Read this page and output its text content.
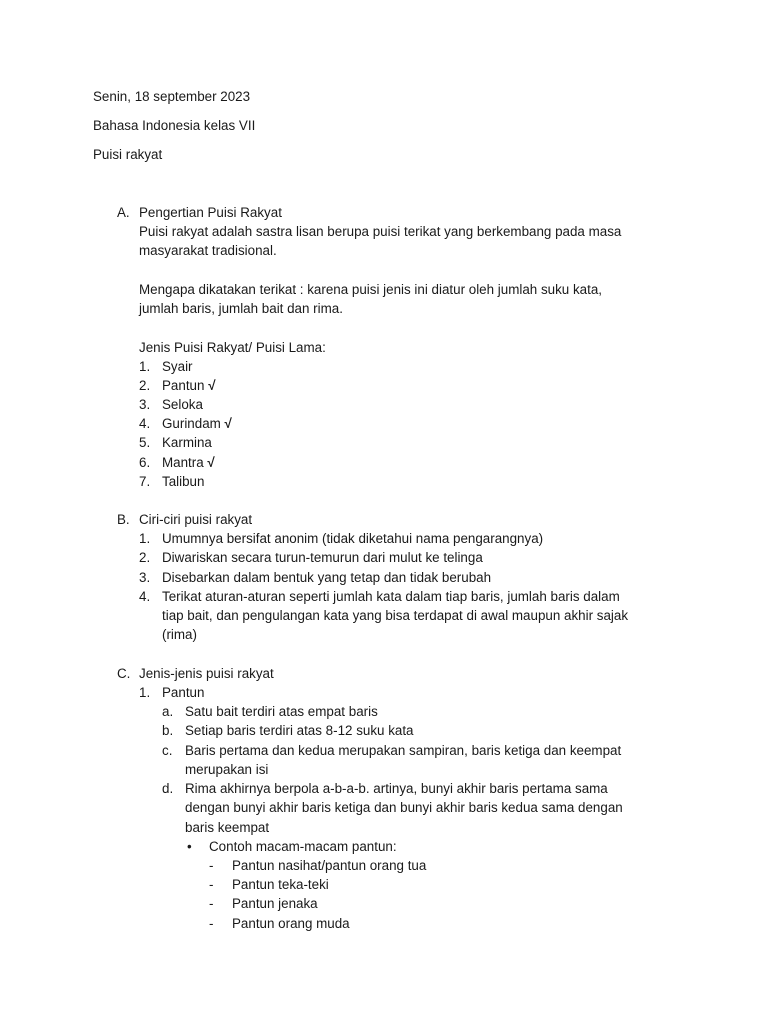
Senin, 18 september 2023
Bahasa Indonesia kelas VII
Puisi rakyat
A. Pengertian Puisi Rakyat
Puisi rakyat adalah sastra lisan berupa puisi terikat yang berkembang pada masa
masyarakat tradisional.
Mengapa dikatakan terikat : karena puisi jenis ini diatur oleh jumlah suku kata,
jumlah baris, jumlah bait dan rima.
Jenis Puisi Rakyat/ Puisi Lama:
1. Syair
2. Pantun √
3. Seloka
4. Gurindam √
5. Karmina
6. Mantra √
7. Talibun
B. Ciri-ciri puisi rakyat
1. Umumnya bersifat anonim (tidak diketahui nama pengarangnya)
2. Diwariskan secara turun-temurun dari mulut ke telinga
3. Disebarkan dalam bentuk yang tetap dan tidak berubah
4. Terikat aturan-aturan seperti jumlah kata dalam tiap baris, jumlah baris dalam
tiap bait, dan pengulangan kata yang bisa terdapat di awal maupun akhir sajak
(rima)
C. Jenis-jenis puisi rakyat
1. Pantun
a. Satu bait terdiri atas empat baris
b. Setiap baris terdiri atas 8-12 suku kata
c. Baris pertama dan kedua merupakan sampiran, baris ketiga dan keempat
merupakan isi
d. Rima akhirnya berpola a-b-a-b. artinya, bunyi akhir baris pertama sama
dengan bunyi akhir baris ketiga dan bunyi akhir baris kedua sama dengan
baris keempat
• Contoh macam-macam pantun:
- Pantun nasihat/pantun orang tua
- Pantun teka-teki
- Pantun jenaka
- Pantun orang muda
